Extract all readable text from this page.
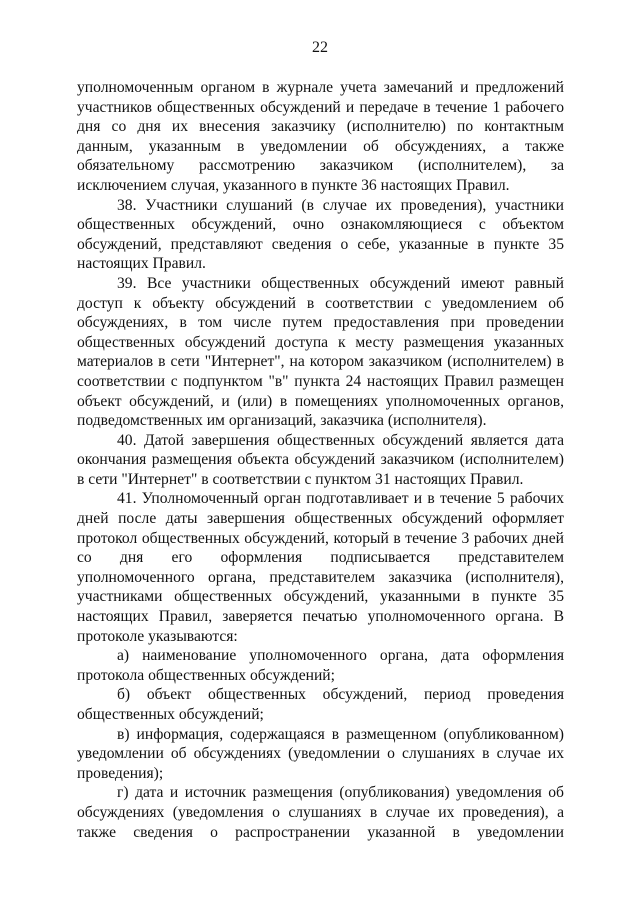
22

уполномоченным органом в журнале учета замечаний и предложений участников общественных обсуждений и передаче в течение 1 рабочего дня со дня их внесения заказчику (исполнителю) по контактным данным, указанным в уведомлении об обсуждениях, а также обязательному рассмотрению заказчиком (исполнителем), за исключением случая, указанного в пункте 36 настоящих Правил.

38. Участники слушаний (в случае их проведения), участники общественных обсуждений, очно ознакомляющиеся с объектом обсуждений, представляют сведения о себе, указанные в пункте 35 настоящих Правил.

39. Все участники общественных обсуждений имеют равный доступ к объекту обсуждений в соответствии с уведомлением об обсуждениях, в том числе путем предоставления при проведении общественных обсуждений доступа к месту размещения указанных материалов в сети "Интернет", на котором заказчиком (исполнителем) в соответствии с подпунктом "в" пункта 24 настоящих Правил размещен объект обсуждений, и (или) в помещениях уполномоченных органов, подведомственных им организаций, заказчика (исполнителя).

40. Датой завершения общественных обсуждений является дата окончания размещения объекта обсуждений заказчиком (исполнителем) в сети "Интернет" в соответствии с пунктом 31 настоящих Правил.

41. Уполномоченный орган подготавливает и в течение 5 рабочих дней после даты завершения общественных обсуждений оформляет протокол общественных обсуждений, который в течение 3 рабочих дней со дня его оформления подписывается представителем уполномоченного органа, представителем заказчика (исполнителя), участниками общественных обсуждений, указанными в пункте 35 настоящих Правил, заверяется печатью уполномоченного органа. В протоколе указываются:

а) наименование уполномоченного органа, дата оформления протокола общественных обсуждений;

б) объект общественных обсуждений, период проведения общественных обсуждений;

в) информация, содержащаяся в размещенном (опубликованном) уведомлении об обсуждениях (уведомлении о слушаниях в случае их проведения);

г) дата и источник размещения (опубликования) уведомления об обсуждениях (уведомления о слушаниях в случае их проведения), а также сведения о распространении указанной в уведомлении
